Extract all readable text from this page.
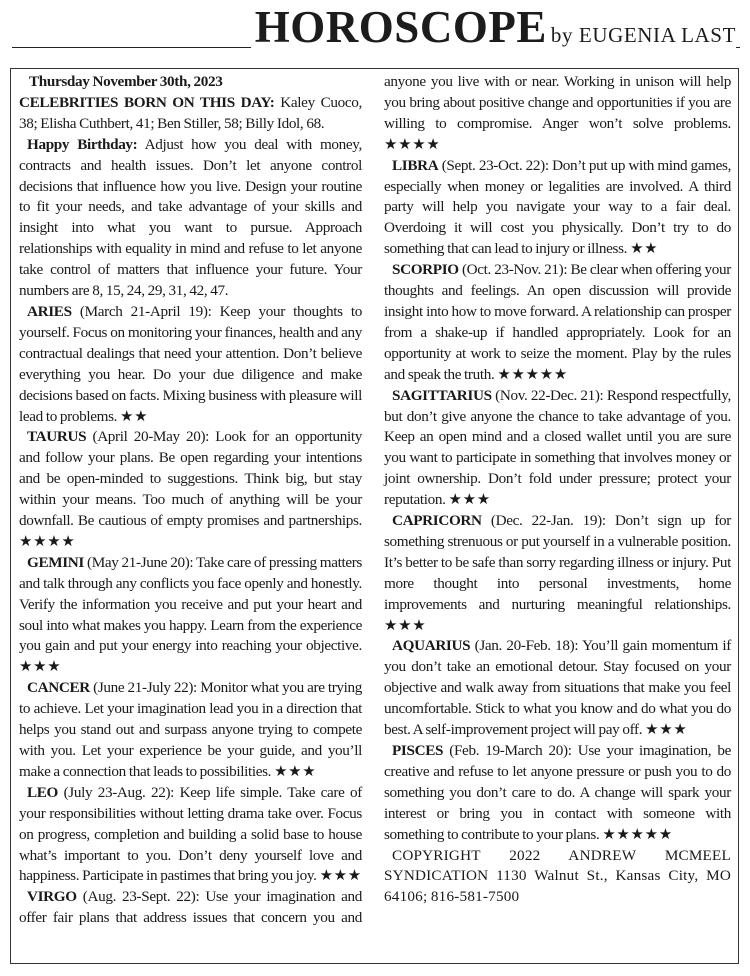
HOROSCOPE by EUGENIA LAST

Thursday November 30th, 2023

CELEBRITIES BORN ON THIS DAY: Kaley Cuoco, 38; Elisha Cuthbert, 41; Ben Stiller, 58; Billy Idol, 68.

Happy Birthday: Adjust how you deal with money, contracts and health issues. Don’t let anyone control decisions that influence how you live. Design your routine to fit your needs, and take advantage of your skills and insight into what you want to pursue. Approach relationships with equality in mind and refuse to let anyone take control of matters that influence your future. Your numbers are 8, 15, 24, 29, 31, 42, 47.

ARIES (March 21-April 19): Keep your thoughts to yourself. Focus on monitoring your finances, health and any contractual dealings that need your attention. Don’t believe everything you hear. Do your due diligence and make decisions based on facts. Mixing business with pleasure will lead to problems. ★★

TAURUS (April 20-May 20): Look for an opportunity and follow your plans. Be open regarding your intentions and be open-minded to suggestions. Think big, but stay within your means. Too much of anything will be your downfall. Be cautious of empty promises and partnerships. ★★★★

GEMINI (May 21-June 20): Take care of pressing matters and talk through any conflicts you face openly and honestly. Verify the information you receive and put your heart and soul into what makes you happy. Learn from the experience you gain and put your energy into reaching your objective. ★★★

CANCER (June 21-July 22): Monitor what you are trying to achieve. Let your imagination lead you in a direction that helps you stand out and surpass anyone trying to compete with you. Let your experience be your guide, and you’ll make a connection that leads to possibilities. ★★★

LEO (July 23-Aug. 22): Keep life simple. Take care of your responsibilities without letting drama take over. Focus on progress, completion and building a solid base to house what’s important to you. Don’t deny yourself love and happiness. Participate in pastimes that bring you joy. ★★★

VIRGO (Aug. 23-Sept. 22): Use your imagination and offer fair plans that address issues that concern you and

anyone you live with or near. Working in unison will help you bring about positive change and opportunities if you are willing to compromise. Anger won’t solve problems. ★★★★

LIBRA (Sept. 23-Oct. 22): Don’t put up with mind games, especially when money or legalities are involved. A third party will help you navigate your way to a fair deal. Overdoing it will cost you physically. Don’t try to do something that can lead to injury or illness. ★★

SCORPIO (Oct. 23-Nov. 21): Be clear when offering your thoughts and feelings. An open discussion will provide insight into how to move forward. A relationship can prosper from a shake-up if handled appropriately. Look for an opportunity at work to seize the moment. Play by the rules and speak the truth. ★★★★★

SAGITTARIUS (Nov. 22-Dec. 21): Respond respectfully, but don’t give anyone the chance to take advantage of you. Keep an open mind and a closed wallet until you are sure you want to participate in something that involves money or joint ownership. Don’t fold under pressure; protect your reputation. ★★★

CAPRICORN (Dec. 22-Jan. 19): Don’t sign up for something strenuous or put yourself in a vulnerable position. It’s better to be safe than sorry regarding illness or injury. Put more thought into personal investments, home improvements and nurturing meaningful relationships. ★★★

AQUARIUS (Jan. 20-Feb. 18): You’ll gain momentum if you don’t take an emotional detour. Stay focused on your objective and walk away from situations that make you feel uncomfortable. Stick to what you know and do what you do best. A self-improvement project will pay off. ★★★

PISCES (Feb. 19-March 20): Use your imagination, be creative and refuse to let anyone pressure or push you to do something you don’t care to do. A change will spark your interest or bring you in contact with someone with something to contribute to your plans. ★★★★★

COPYRIGHT 2022 ANDREW MCMEEL SYNDICATION 1130 Walnut St., Kansas City, MO 64106; 816-581-7500
